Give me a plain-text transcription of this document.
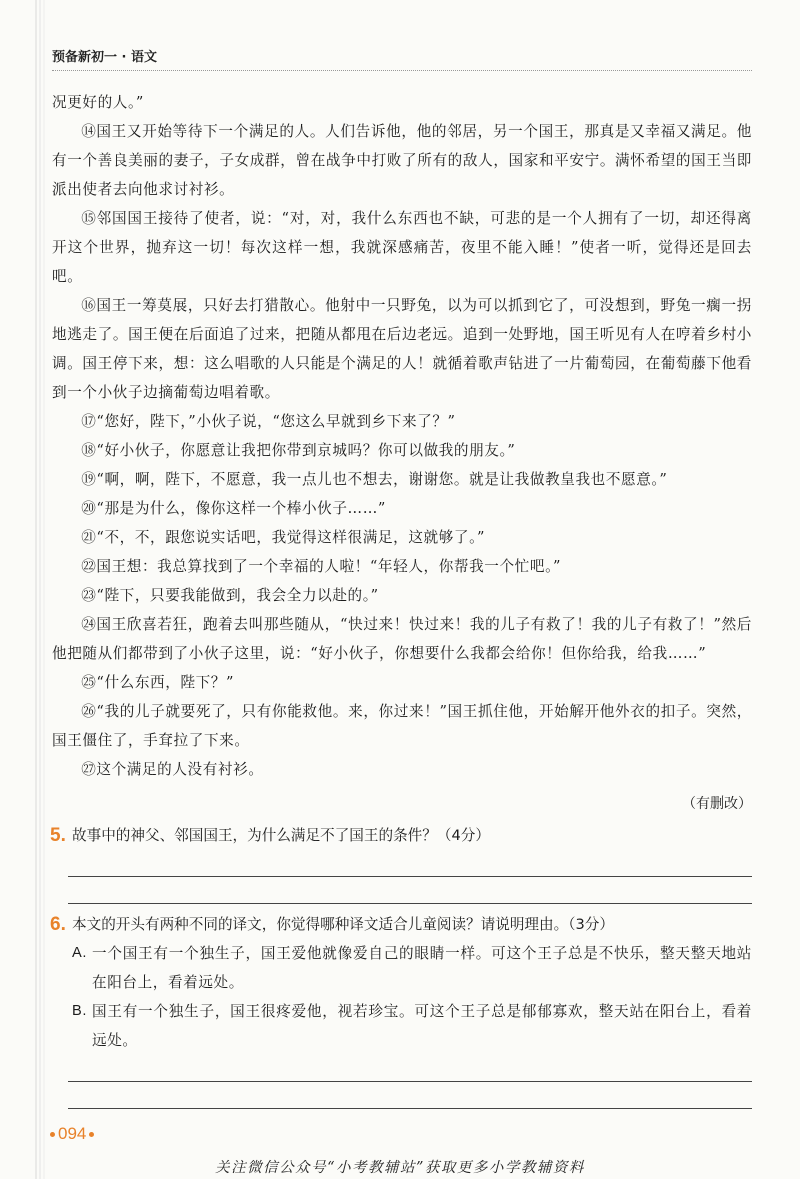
预备新初一 · 语文

况更好的人。”

⑭国王又开始等待下一个满足的人。人们告诉他，他的邻居，另一个国王，那真是又幸福又满足。他有一个善良美丽的妻子，子女成群，曾在战争中打败了所有的敌人，国家和平安宁。满怀希望的国王当即派出使者去向他求讨衬衫。

⑮邻国国王接待了使者，说：“对，对，我什么东西也不缺，可悲的是一个人拥有了一切，却还得离开这个世界，抛弃这一切！每次这样一想，我就深感痛苦，夜里不能入睡！”使者一听，觉得还是回去吧。

⑯国王一筹莫展，只好去打猎散心。他射中一只野兔，以为可以抓到它了，可没想到，野兔一瘸一拐地逃走了。国王便在后面追了过来，把随从都甩在后边老远。追到一处野地，国王听见有人在哼着乡村小调。国王停下来，想：这么唱歌的人只能是个满足的人！就循着歌声钻进了一片葡萄园，在葡萄藤下他看到一个小伙子边摘葡萄边唱着歌。

⑰“您好，陛下，”小伙子说，“您这么早就到乡下来了？”

⑱“好小伙子，你愿意让我把你带到京城吗？你可以做我的朋友。”

⑲“啊，啊，陛下，不愿意，我一点儿也不想去，谢谢您。就是让我做教皇我也不愿意。”

⑳“那是为什么，像你这样一个棒小伙子……”

㉑“不，不，跟您说实话吧，我觉得这样很满足，这就够了。”

㉒国王想：我总算找到了一个幸福的人啦！“年轻人，你帮我一个忙吧。”

㉓“陛下，只要我能做到，我会全力以赴的。”

㉔国王欣喜若狂，跑着去叫那些随从，“快过来！快过来！我的儿子有救了！我的儿子有救了！”然后他把随从们都带到了小伙子这里，说：“好小伙子，你想要什么我都会给你！但你给我，给我……”

㉕“什么东西，陛下？”

㉖“我的儿子就要死了，只有你能救他。来，你过来！”国王抓住他，开始解开他外衣的扣子。突然，国王僵住了，手耷拉了下来。

㉗这个满足的人没有衬衫。

（有删改）
5. 故事中的神父、邻国国王，为什么满足不了国王的条件？（4分）
6. 本文的开头有两种不同的译文，你觉得哪种译文适合儿童阅读？请说明理由。（3分）
A. 一个国王有一个独生子，国王爱他就像爱自己的眼睛一样。可这个王子总是不快乐，整天整天地站在阳台上，看着远处。
B. 国王有一个独生子，国王很疼爱他，视若珍宝。可这个王子总是郁郁寡欢，整天站在阳台上，看着远处。
094
关注微信公众号“小考教辅站”获取更多小学教辅资料
